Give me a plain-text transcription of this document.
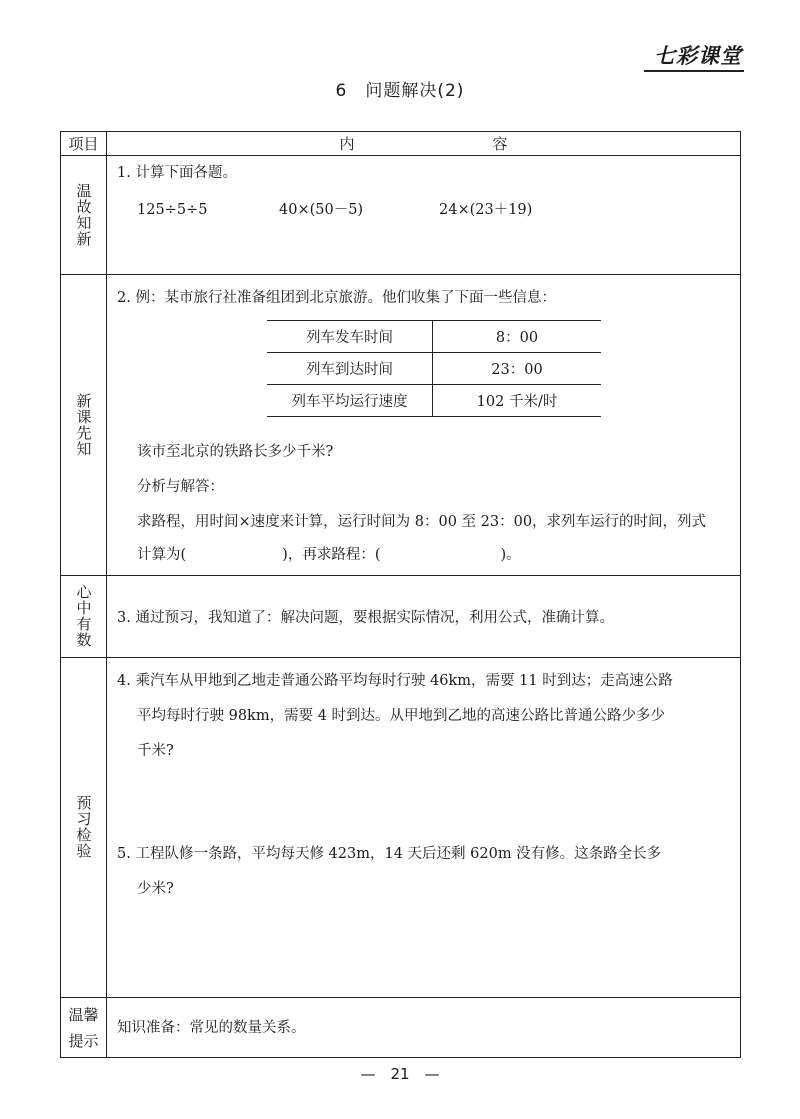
七彩课堂
6　问题解决(2)
项目	内　　容
温故知新
1. 计算下面各题。
125÷5÷5	40×(50－5)	24×(23＋19)
新课先知
2. 例：某市旅行社准备组团到北京旅游。他们收集了下面一些信息：
列车发车时间	8：00
列车到达时间	23：00
列车平均运行速度	102 千米/时
该市至北京的铁路长多少千米?
分析与解答：
求路程，用时间×速度来计算，运行时间为 8：00 至 23：00，求列车运行的时间，列式
计算为(	)，再求路程：(	)。
心中有数 3. 通过预习，我知道了：解决问题，要根据实际情况，利用公式，准确计算。
预习检验
4. 乘汽车从甲地到乙地走普通公路平均每时行驶 46km，需要 11 时到达；走高速公路
平均每时行驶 98km，需要 4 时到达。从甲地到乙地的高速公路比普通公路少多少
千米?
5. 工程队修一条路，平均每天修 423m，14 天后还剩 620m 没有修。这条路全长多
少米?
温馨
提示
知识准备：常见的数量关系。
—　21　—
